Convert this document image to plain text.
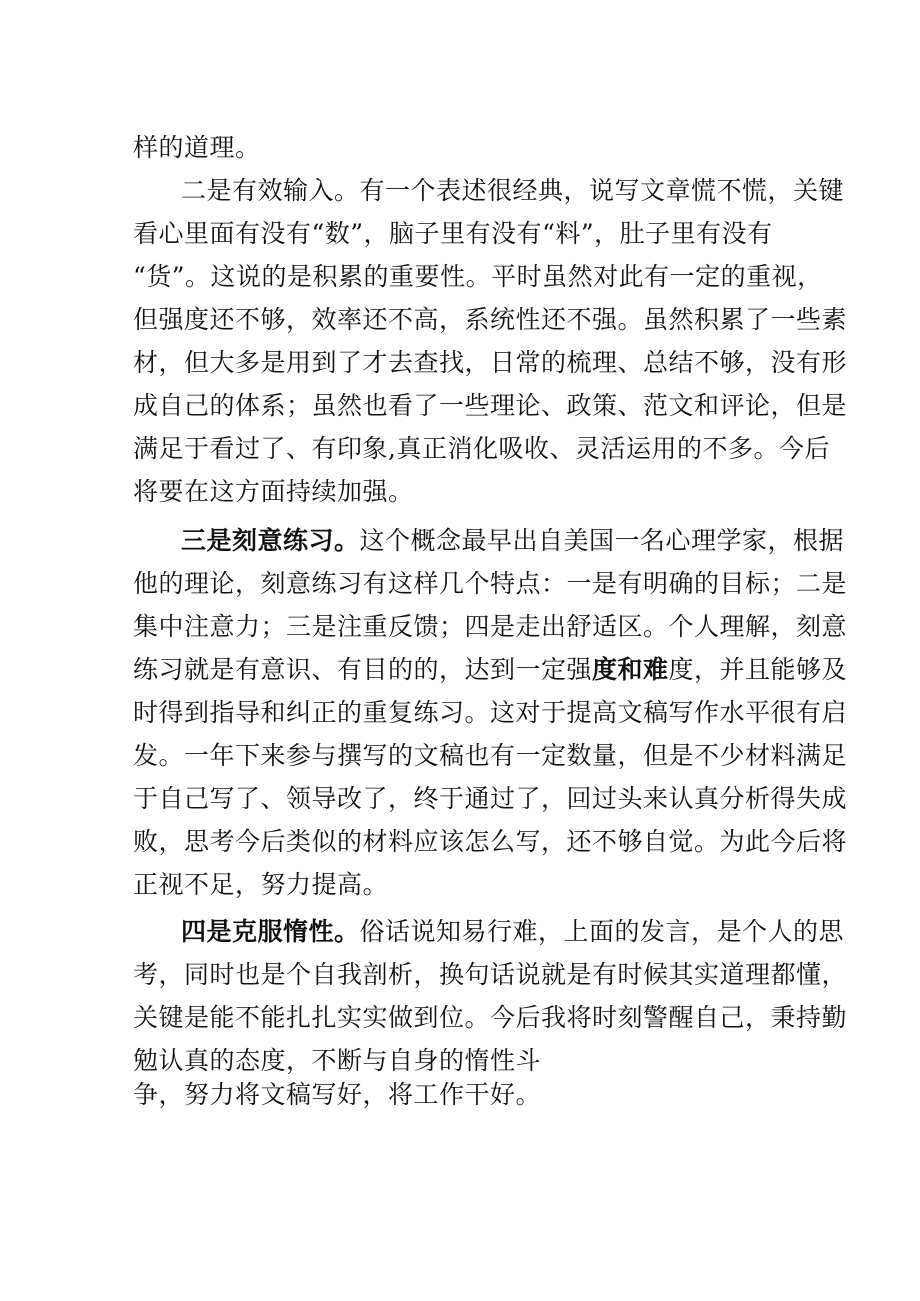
样的道理。
二是有效输入。有一个表述很经典，说写文章慌不慌，关键
看心里面有没有“数”，脑子里有没有“料”，肚子里有没有
“货”。这说的是积累的重要性。平时虽然对此有一定的重视，
但强度还不够，效率还不高，系统性还不强。虽然积累了一些素
材，但大多是用到了才去查找，日常的梳理、总结不够，没有形
成自己的体系；虽然也看了一些理论、政策、范文和评论，但是
满足于看过了、有印象,真正消化吸收、灵活运用的不多。今后
将要在这方面持续加强。
三是刻意练习。这个概念最早出自美国一名心理学家，根据
他的理论，刻意练习有这样几个特点：一是有明确的目标；二是
集中注意力；三是注重反馈；四是走出舒适区。个人理解，刻意
练习就是有意识、有目的的，达到一定强度和难度，并且能够及
时得到指导和纠正的重复练习。这对于提高文稿写作水平很有启
发。一年下来参与撰写的文稿也有一定数量，但是不少材料满足
于自己写了、领导改了，终于通过了，回过头来认真分析得失成
败，思考今后类似的材料应该怎么写，还不够自觉。为此今后将
正视不足，努力提高。
四是克服惰性。俗话说知易行难，上面的发言，是个人的思
考，同时也是个自我剖析，换句话说就是有时候其实道理都懂，
关键是能不能扎扎实实做到位。今后我将时刻警醒自己，秉持勤
勉认真的态度，不断与自身的惰性斗
争，努力将文稿写好，将工作干好。
